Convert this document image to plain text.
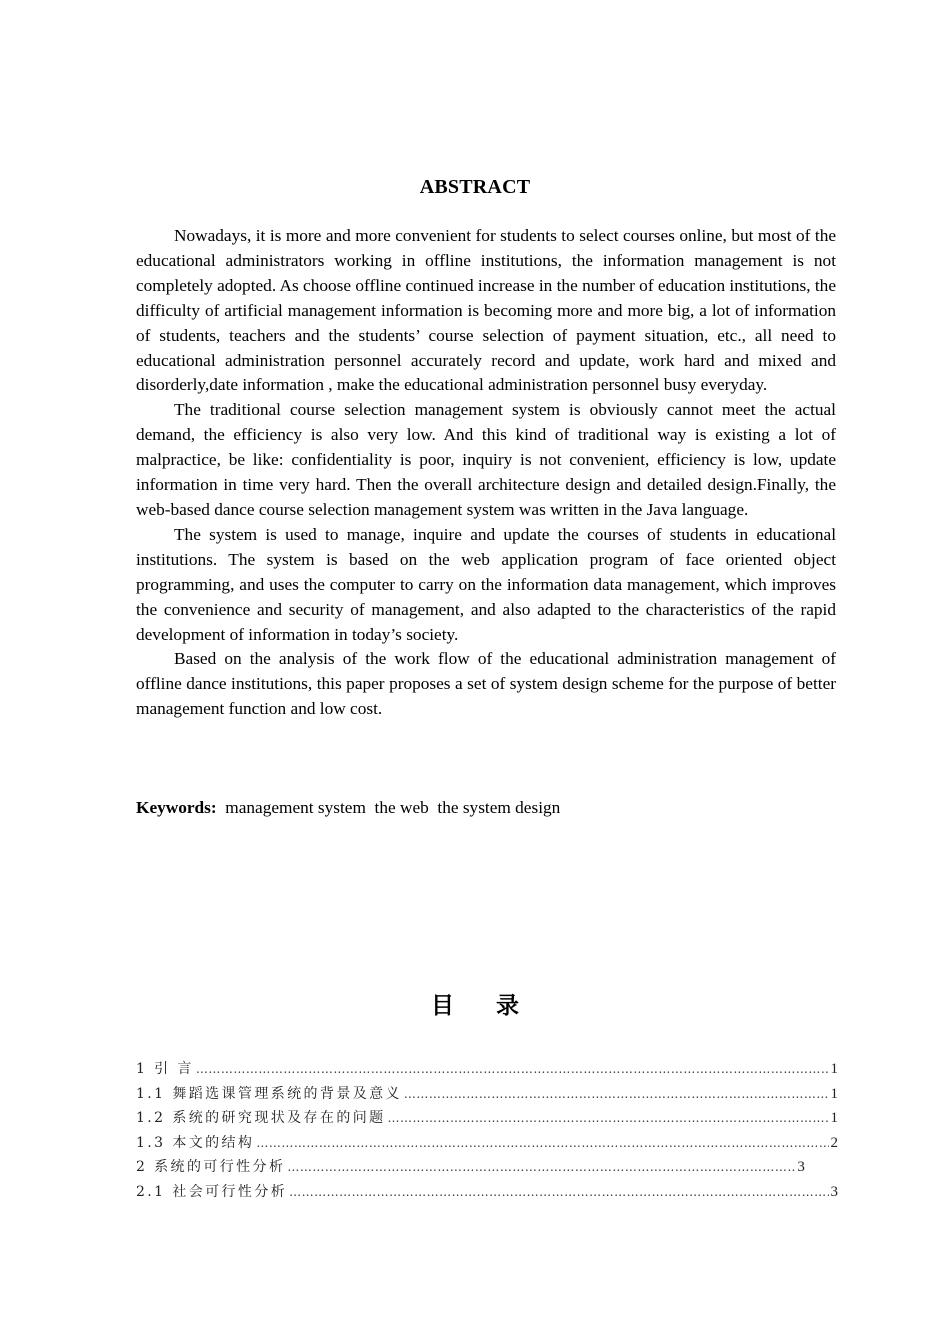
ABSTRACT

Nowadays, it is more and more convenient for students to select courses online, but most of the educational administrators working in offline institutions, the information management is not completely adopted. As choose offline continued increase in the number of education institutions, the difficulty of artificial management information is becoming more and more big, a lot of information of students, teachers and the students’ course selection of payment situation, etc., all need to educational administration personnel accurately record and update, work hard and mixed and disorderly,date information , make the educational administration personnel busy everyday.

The traditional course selection management system is obviously cannot meet the actual demand, the efficiency is also very low. And this kind of traditional way is existing a lot of malpractice, be like: confidentiality is poor, inquiry is not convenient, efficiency is low, update information in time very hard. Then the overall architecture design and detailed design.Finally, the web-based dance course selection management system was written in the Java language.

The system is used to manage, inquire and update the courses of students in educational institutions. The system is based on the web application program of face oriented object programming, and uses the computer to carry on the information data management, which improves the convenience and security of management, and also adapted to the characteristics of the rapid development of information in today’s society.

Based on the analysis of the work flow of the educational administration management of offline dance institutions, this paper proposes a set of system design scheme for the purpose of better management function and low cost.

Keywords:  management system  the web  the system design
目 录
1 引 言 ……………………………………………………………………………………………………………………………………………………………………………………	1
1.1 舞蹈选课管理系统的背景及意义 ……………………………………………………………………………………………………………………………………………………………………………………	1
1.2 系统的研究现状及存在的问题 ……………………………………………………………………………………………………………………………………………………………………………………	1
1.3 本文的结构 ……………………………………………………………………………………………………………………………………………………………………………………	2
2 系统的可行性分析 ……………………………………………………………………………………………………………………………………………………………………………………	3
2.1 社会可行性分析 ……………………………………………………………………………………………………………………………………………………………………………………	3
